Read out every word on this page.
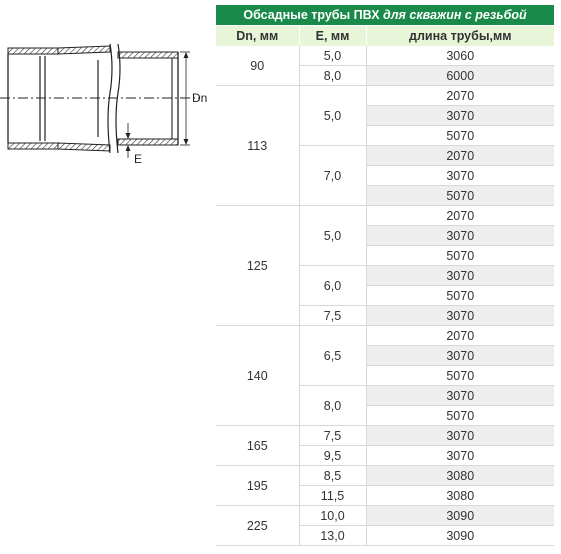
Dn
E
Обсадные трубы ПВХ для скважин с резьбой		
Dn, мм	E, мм	длина трубы,мм
90	5,0	3060
	8,0	6000
113	5,0	2070
		3070
		5070
	7,0	2070
		3070
		5070
125	5,0	2070
		3070
		5070
	6,0	3070
		5070
	7,5	3070
140	6,5	2070
		3070
		5070
	8,0	3070
		5070
165	7,5	3070
	9,5	3070
195	8,5	3080
	11,5	3080
225	10,0	3090
	13,0	3090
